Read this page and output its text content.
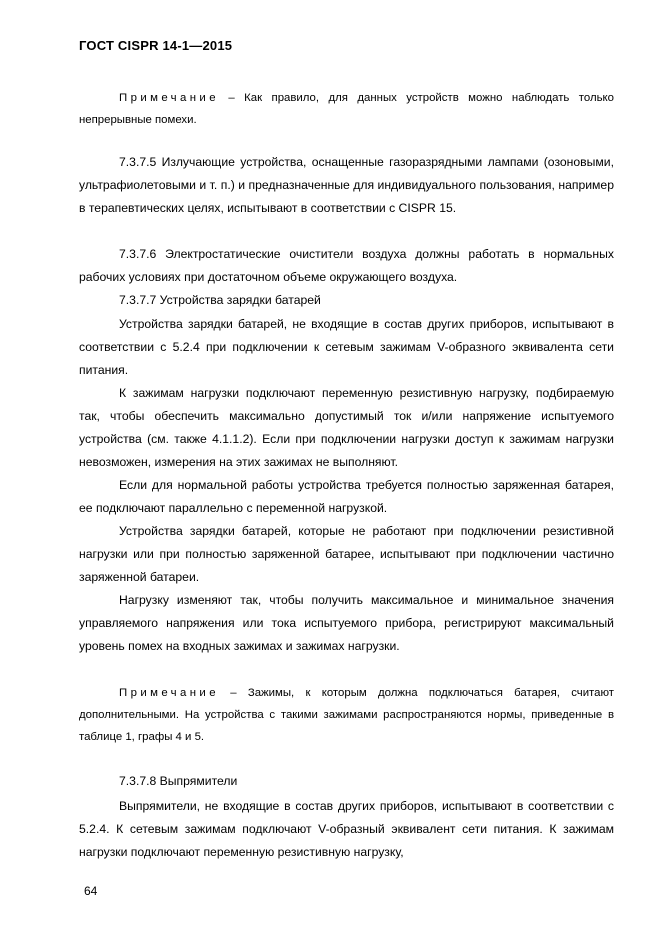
ГОСТ CISPR 14-1—2015
Примечание – Как правило, для данных устройств можно наблюдать только непрерывные помехи.
7.3.7.5 Излучающие устройства, оснащенные газоразрядными лампами (озоновыми, ультрафиолетовыми и т. п.) и предназначенные для индивидуального пользования, например в терапевтических целях, испытывают в соответствии с CISPR 15.
7.3.7.6 Электростатические очистители воздуха должны работать в нормальных рабочих условиях при достаточном объеме окружающего воздуха.
7.3.7.7 Устройства зарядки батарей
Устройства зарядки батарей, не входящие в состав других приборов, испытывают в соответствии с 5.2.4 при подключении к сетевым зажимам V-образного эквивалента сети питания.
К зажимам нагрузки подключают переменную резистивную нагрузку, подбираемую так, чтобы обеспечить максимально допустимый ток и/или напряжение испытуемого устройства (см. также 4.1.1.2). Если при подключении нагрузки доступ к зажимам нагрузки невозможен, измерения на этих зажимах не выполняют.
Если для нормальной работы устройства требуется полностью заряженная батарея, ее подключают параллельно с переменной нагрузкой.
Устройства зарядки батарей, которые не работают при подключении резистивной нагрузки или при полностью заряженной батарее, испытывают при подключении частично заряженной батареи.
Нагрузку изменяют так, чтобы получить максимальное и минимальное значения управляемого напряжения или тока испытуемого прибора, регистрируют максимальный уровень помех на входных зажимах и зажимах нагрузки.
Примечание – Зажимы, к которым должна подключаться батарея, считают дополнительными. На устройства с такими зажимами распространяются нормы, приведенные в таблице 1, графы 4 и 5.
7.3.7.8 Выпрямители
Выпрямители, не входящие в состав других приборов, испытывают в соответствии с 5.2.4. К сетевым зажимам подключают V-образный эквивалент сети питания. К зажимам нагрузки подключают переменную резистивную нагрузку,
64
